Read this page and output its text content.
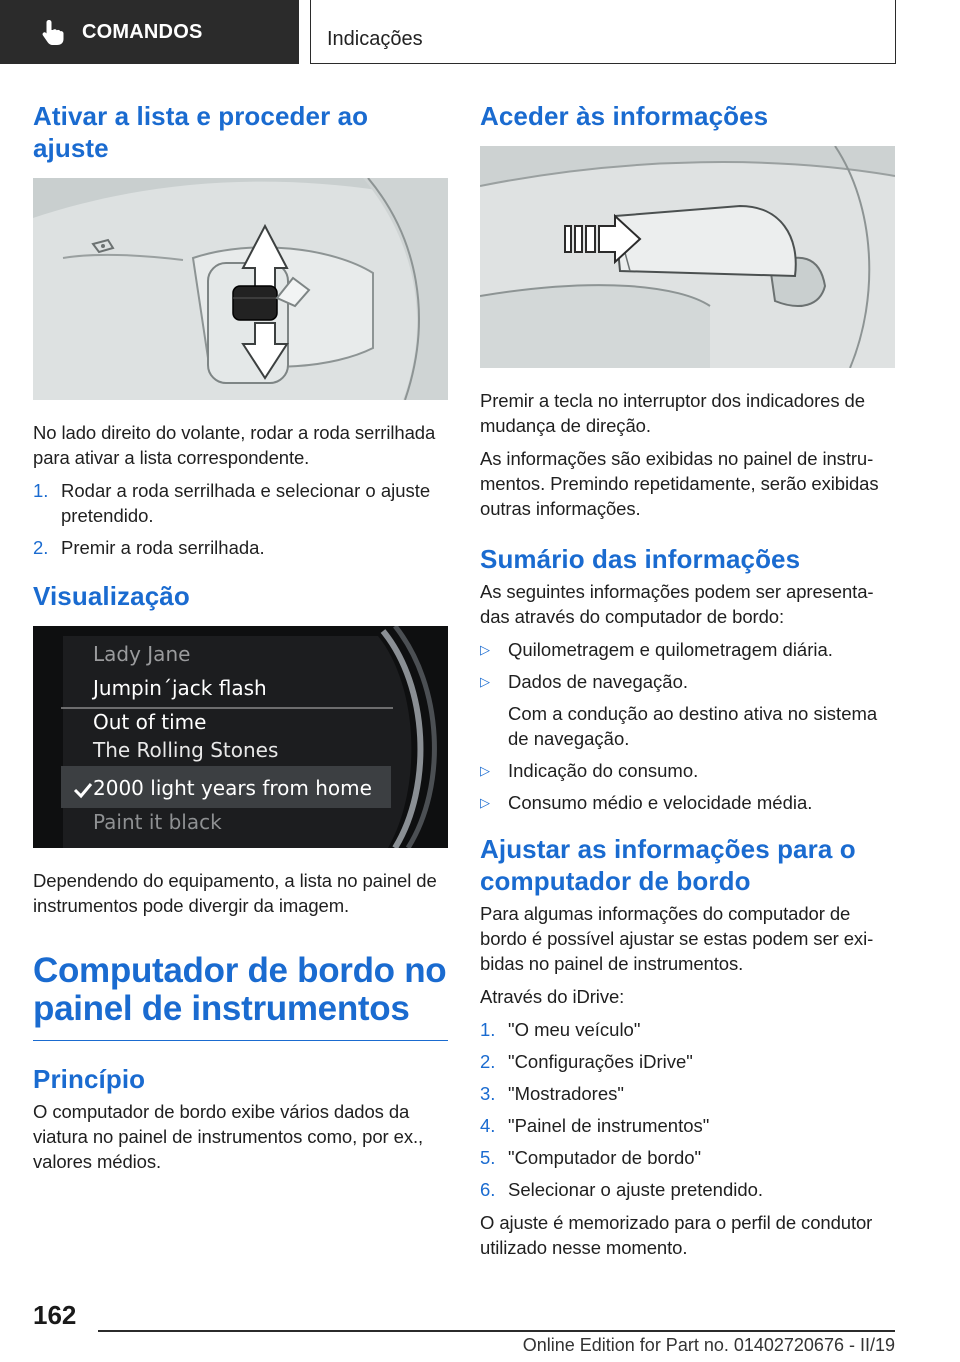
COMANDOS	Indicações
Ativar a lista e proceder ao ajuste

No lado direito do volante, rodar a roda serrilhada para ativar a lista correspondente.

1. Rodar a roda serrilhada e selecionar o ajuste pretendido.
2. Premir a roda serrilhada.
Visualização
Lady Jane
Jumpin´jack flash
Out of time
The Rolling Stones
2000 light years from home
Paint it black

Dependendo do equipamento, a lista no painel de instrumentos pode divergir da imagem.

Computador de bordo no painel de instrumentos
Princípio

O computador de bordo exibe vários dados da viatura no painel de instrumentos como, por ex., valores médios.

Aceder às informações

Premir a tecla no interruptor dos indicadores de mudança de direção.

As informações são exibidas no painel de instru-mentos. Premindo repetidamente, serão exibidas outras informações.

Sumário das informações

As seguintes informações podem ser apresenta-das através do computador de bordo:

▷ Quilometragem e quilometragem diária.
▷ Dados de navegação.
Com a condução ao destino ativa no sistema de navegação.
▷ Indicação do consumo.
▷ Consumo médio e velocidade média.
Ajustar as informações para o computador de bordo

Para algumas informações do computador de bordo é possível ajustar se estas podem ser exi-bidas no painel de instrumentos.

Através do iDrive:

1. "O meu veículo"
2. "Configurações iDrive"
3. "Mostradores"
4. "Painel de instrumentos"
5. "Computador de bordo"
6. Selecionar o ajuste pretendido.

O ajuste é memorizado para o perfil de condutor utilizado nesse momento.

162
Online Edition for Part no. 01402720676 - II/19
